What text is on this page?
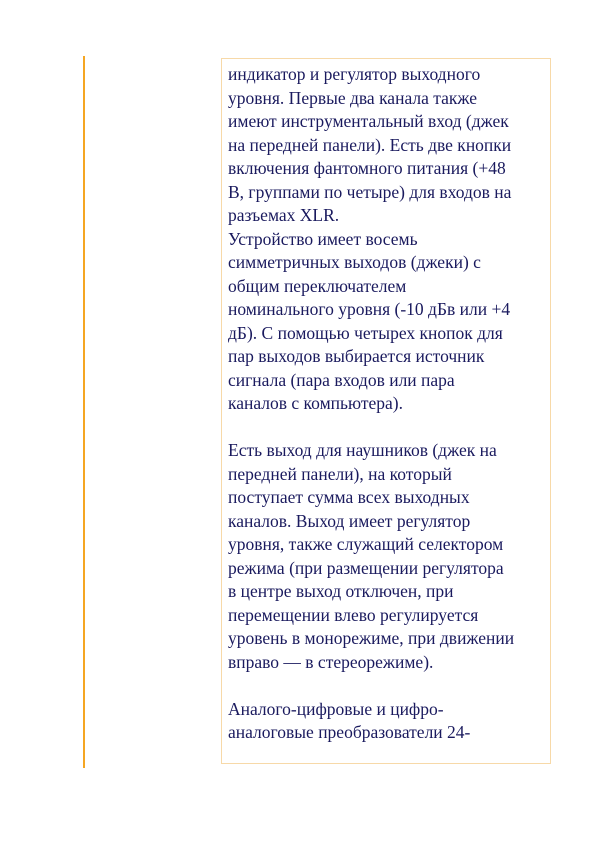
индикатор и регулятор выходного
уровня. Первые два канала также
имеют инструментальный вход (джек
на передней панели). Есть две кнопки
включения фантомного питания (+48
В, группами по четыре) для входов на
разъемах XLR.

Устройство имеет восемь
симметричных выходов (джеки) с
общим переключателем
номинального уровня (-10 дБв или +4
дБ). С помощью четырех кнопок для
пар выходов выбирается источник
сигнала (пара входов или пара
каналов с компьютера).

Есть выход для наушников (джек на
передней панели), на который
поступает сумма всех выходных
каналов. Выход имеет регулятор
уровня, также служащий селектором
режима (при размещении регулятора
в центре выход отключен, при
перемещении влево регулируется
уровень в монорежиме, при движении
вправо — в стереорежиме).

Аналого-цифровые и цифро-
аналоговые преобразователи 24-
